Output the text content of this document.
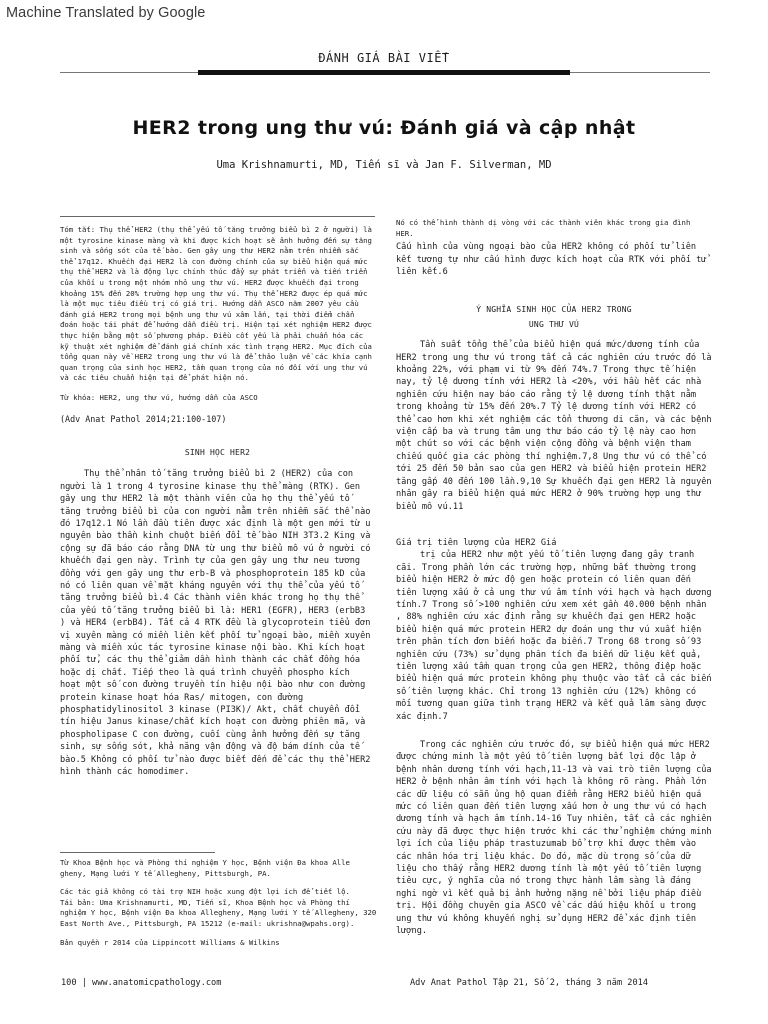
Machine Translated by Google
ĐÁNH GIÁ BÀI VIẾT
HER2 trong ung thư vú: Đánh giá và cập nhật
Uma Krishnamurti, MD, Tiến sĩ và Jan F. Silverman, MD

Tóm tắt: Thụ thể HER2 (thụ thể yếu tố tăng trưởng biểu bì 2 ở người) là một tyrosine kinase màng và khi được kích hoạt sẽ ảnh hưởng đến sự tăng sinh và sống sót của tế bào. Gen gây ung thư HER2 nằm trên nhiễm sắc thể 17q12. Khuếch đại HER2 là con đường chính của sự biểu hiện quá mức thụ thể HER2 và là động lực chính thúc đẩy sự phát triển và tiến triển của khối u trong một nhóm nhỏ ung thư vú. HER2 được khuếch đại trong khoảng 15% đến 20% trường hợp ung thư vú. Thụ thể HER2 được ép quá mức là một mục tiêu điều trị có giá trị. Hướng dẫn ASCO năm 2007 yêu cầu đánh giá HER2 trong mọi bệnh ung thư vú xâm lấn, tại thời điểm chẩn đoán hoặc tái phát để hướng dẫn điều trị. Hiện tại xét nghiệm HER2 được thực hiện bằng một số phương pháp. Điều cốt yếu là phải chuẩn hóa các kỹ thuật xét nghiệm để đánh giá chính xác tình trạng HER2. Mục đích của tổng quan này về HER2 trong ung thư vú là để thảo luận về các khía cạnh quan trọng của sinh học HER2, tầm quan trọng của nó đối với ung thư vú và các tiêu chuẩn hiện tại để phát hiện nó.

Từ khóa: HER2, ung thư vú, hướng dẫn của ASCO

(Adv Anat Pathol 2014;21:100-107)

SINH HỌC HER2

Thụ thể nhân tố tăng trưởng biểu bì 2 (HER2) của con người là 1 trong 4 tyrosine kinase thụ thể màng (RTK). Gen gây ung thư HER2 là một thành viên của họ thụ thể yếu tố tăng trưởng biểu bì của con người nằm trên nhiễm sắc thể nào đó 17q12.1 Nó lần đầu tiên được xác định là một gen mới từ u nguyên bào thần kinh chuột biến đổi tế bào NIH 3T3.2 King và cộng sự đã báo cáo rằng DNA từ ung thư biểu mô vú ở người có khuếch đại gen này. Trình tự của gen gây ung thư neu tương đồng với gen gây ung thư erb-B và phosphoprotein 185 kD của nó có liên quan về mặt kháng nguyên với thụ thể của yếu tố tăng trưởng biểu bì.4 Các thành viên khác trong họ thụ thể của yếu tố tăng trưởng biểu bì là: HER1 (EGFR), HER3 (erbB3 ) và HER4 (erbB4). Tất cả 4 RTK đều là glycoprotein tiểu đơn vị xuyên màng có miền liên kết phối tử ngoại bào, miền xuyên màng và miền xúc tác tyrosine kinase nội bào. Khi kích hoạt phối tử, các thụ thể giảm dần hình thành các chất đồng hóa hoặc dị chất. Tiếp theo là quá trình chuyển phospho kích hoạt một số con đường truyền tín hiệu nội bào như con đường protein kinase hoạt hóa Ras/ mitogen, con đường phosphatidylinositol 3 kinase (PI3K)/ Akt, chất chuyển đổi tín hiệu Janus kinase/chất kích hoạt con đường phiên mã, và phospholipase C con đường, cuối cùng ảnh hưởng đến sự tăng sinh, sự sống sót, khả năng vận động và độ bám dính của tế bào.5 Không có phối tử nào được biết đến để các thụ thể HER2 hình thành các homodimer.

Từ Khoa Bệnh học và Phòng thí nghiệm Y học, Bệnh viện Đa khoa Alle gheny, Mạng lưới Y tế Allegheny, Pittsburgh, PA.

Các tác giả không có tài trợ NIH hoặc xung đột lợi ích để tiết lộ.

Tái bản: Uma Krishnamurti, MD, Tiến sĩ, Khoa Bệnh học và Phòng thí nghiệm Y học, Bệnh viện Đa khoa Allegheny, Mạng lưới Y tế Allegheny, 320 East North Ave., Pittsburgh, PA 15212 (e-mail: ukrishna@wpahs.org).

Bản quyền r 2014 của Lippincott Williams & Wilkins

Nó có thể hình thành dị vòng với các thành viên khác trong gia đình HER.

Cấu hình của vùng ngoại bào của HER2 không có phối tử liên kết tương tự như cấu hình được kích hoạt của RTK với phối tử liên kết.6

Ý NGHĨA SINH HỌC CỦA HER2 TRONG

UNG THƯ VÚ

Tần suất tổng thể của biểu hiện quá mức/dương tính của HER2 trong ung thư vú trong tất cả các nghiên cứu trước đó là khoảng 22%, với phạm vi từ 9% đến 74%.7 Trong thực tế hiện nay, tỷ lệ dương tính với HER2 là <20%, với hầu hết các nhà nghiên cứu hiện nay báo cáo rằng tỷ lệ dương tính thật nằm trong khoảng từ 15% đến 20%.7 Tỷ lệ dương tính với HER2 có thể cao hơn khi xét nghiệm các tổn thương di căn, và các bệnh viện cấp ba và trung tâm ung thư báo cáo tỷ lệ này cao hơn một chút so với các bệnh viện cộng đồng và bệnh viện tham chiếu quốc gia các phòng thí nghiệm.7,8 Ung thư vú có thể có tới 25 đến 50 bản sao của gen HER2 và biểu hiện protein HER2 tăng gấp 40 đến 100 lần.9,10 Sự khuếch đại gen HER2 là nguyên nhân gây ra biểu hiện quá mức HER2 ở 90% trường hợp ung thư biểu mô vú.11

Giá trị tiên lượng của HER2 Giá

trị của HER2 như một yếu tố tiên lượng đang gây tranh cãi. Trong phần lớn các trường hợp, những bất thường trong biểu hiện HER2 ở mức độ gen hoặc protein có liên quan đến tiên lượng xấu ở cả ung thư vú âm tính với hạch và hạch dương tính.7 Trong số >100 nghiên cứu xem xét gần 40.000 bệnh nhân , 88% nghiên cứu xác định rằng sự khuếch đại gen HER2 hoặc biểu hiện quá mức protein HER2 dự đoán ung thư vú xuất hiện trên phân tích đơn biến hoặc đa biến.7 Trong 68 trong số 93 nghiên cứu (73%) sử dụng phân tích đa biến dữ liệu kết quả, tiên lượng xấu tầm quan trọng của gen HER2, thông điệp hoặc biểu hiện quá mức protein không phụ thuộc vào tất cả các biến số tiên lượng khác. Chỉ trong 13 nghiên cứu (12%) không có mối tương quan giữa tình trạng HER2 và kết quả lâm sàng được xác định.7

Trong các nghiên cứu trước đó, sự biểu hiện quá mức HER2 được chứng minh là một yếu tố tiên lượng bất lợi độc lập ở bệnh nhân dương tính với hạch,11-13 và vai trò tiên lượng của HER2 ở bệnh nhân âm tính với hạch là không rõ ràng. Phần lớn các dữ liệu có sẵn ủng hộ quan điểm rằng HER2 biểu hiện quá mức có liên quan đến tiên lượng xấu hơn ở ung thư vú có hạch dương tính và hạch âm tính.14-16 Tuy nhiên, tất cả các nghiên cứu này đã được thực hiện trước khi các thử nghiệm chứng minh lợi ích của liệu pháp trastuzumab bổ trợ khi được thêm vào các nhân hóa trị liệu khác. Do đó, mặc dù trọng số của dữ liệu cho thấy rằng HER2 dương tính là một yếu tố tiên lượng tiêu cực, ý nghĩa của nó trong thực hành lâm sàng là đáng nghi ngờ vì kết quả bị ảnh hưởng nặng nề bởi liệu pháp điều trị. Hội đồng chuyên gia ASCO về các dấu hiệu khối u trong ung thư vú không khuyến nghị sử dụng HER2 để xác định tiên lượng.

100 | www.anatomicpathology.com	Adv Anat Pathol Tập 21, Số 2, tháng 3 năm 2014
